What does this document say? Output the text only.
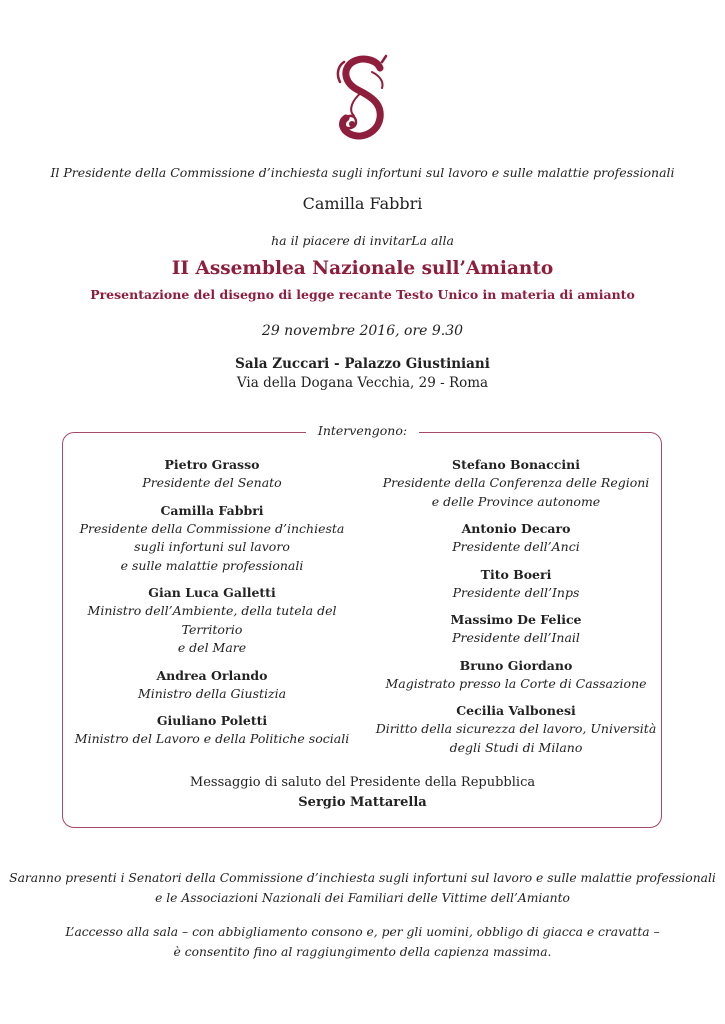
Il Presidente della Commissione d’inchiesta sugli infortuni sul lavoro e sulle malattie professionali
Camilla Fabbri
ha il piacere di invitarLa alla
II Assemblea Nazionale sull’Amianto
Presentazione del disegno di legge recante Testo Unico in materia di amianto
29 novembre 2016, ore 9.30
Sala Zuccari - Palazzo Giustiniani
Via della Dogana Vecchia, 29 - Roma
Intervengono:
Pietro Grasso
Presidente del Senato
Camilla Fabbri
Presidente della Commissione d’inchiesta
sugli infortuni sul lavoro
e sulle malattie professionali
Gian Luca Galletti
Ministro dell’Ambiente, della tutela del Territorio
e del Mare
Andrea Orlando
Ministro della Giustizia
Giuliano Poletti
Ministro del Lavoro e della Politiche sociali
Stefano Bonaccini
Presidente della Conferenza delle Regioni
e delle Province autonome
Antonio Decaro
Presidente dell’Anci
Tito Boeri
Presidente dell’Inps
Massimo De Felice
Presidente dell’Inail
Bruno Giordano
Magistrato presso la Corte di Cassazione
Cecilia Valbonesi
Diritto della sicurezza del lavoro, Università
degli Studi di Milano
Messaggio di saluto del Presidente della Repubblica
Sergio Mattarella
Saranno presenti i Senatori della Commissione d’inchiesta sugli infortuni sul lavoro e sulle malattie professionali
e le Associazioni Nazionali dei Familiari delle Vittime dell’Amianto
L’accesso alla sala – con abbigliamento consono e, per gli uomini, obbligo di giacca e cravatta –
è consentito fino al raggiungimento della capienza massima.
